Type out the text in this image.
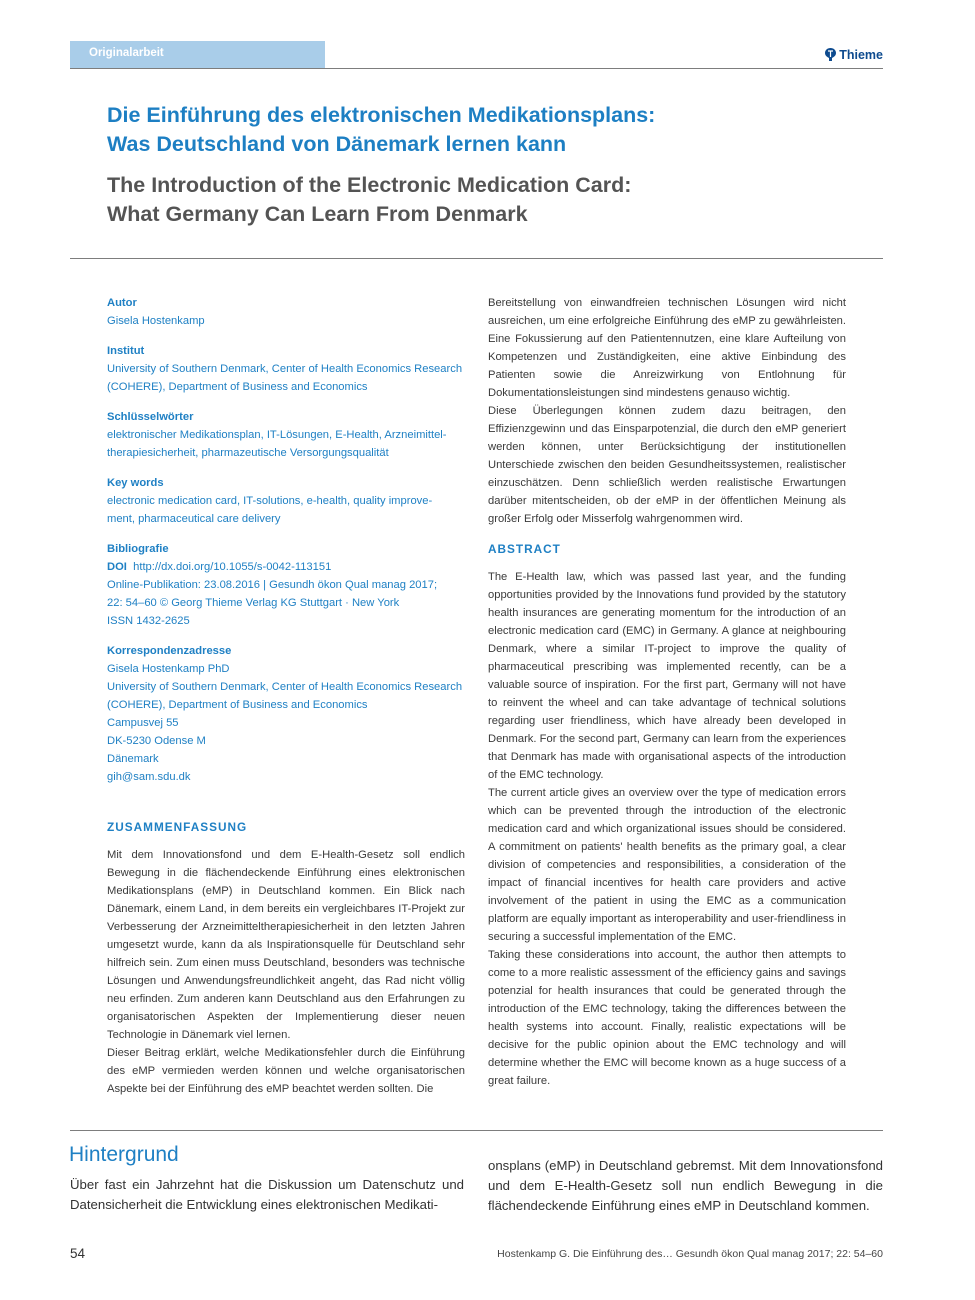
Originalarbeit	Thieme
Die Einführung des elektronischen Medikationsplans:
Was Deutschland von Dänemark lernen kann
The Introduction of the Electronic Medication Card:
What Germany Can Learn From Denmark
Autor
Gisela Hostenkamp
Institut
University of Southern Denmark, Center of Health Economics Research
(COHERE), Department of Business and Economics
Schlüsselwörter
elektronischer Medikationsplan, IT-Lösungen, E-Health, Arzneimittel-
therapiesicherheit, pharmazeutische Versorgungsqualität
Key words
electronic medication card, IT-solutions, e-health, quality improve-
ment, pharmaceutical care delivery
Bibliografie
DOI http://dx.doi.org/10.1055/s-0042-113151
Online-Publikation: 23.08.2016 | Gesundh ökon Qual manag 2017;
22: 54–60 © Georg Thieme Verlag KG Stuttgart · New York
ISSN 1432-2625
Korrespondenzadresse
Gisela Hostenkamp PhD
University of Southern Denmark, Center of Health Economics Research
(COHERE), Department of Business and Economics
Campusvej 55
DK-5230 Odense M
Dänemark
gih@sam.sdu.dk
ZUSAMMENFASSUNG

Mit dem Innovationsfond und dem E-Health-Gesetz soll endlich Bewegung in die flächendeckende Einführung eines elektronischen Medikationsplans (eMP) in Deutschland kommen. Ein Blick nach Dänemark, einem Land, in dem bereits ein vergleichbares IT-Projekt zur Verbesserung der Arzneimitteltherapiesicherheit in den letzten Jahren umgesetzt wurde, kann da als Inspirationsquelle für Deutschland sehr hilfreich sein. Zum einen muss Deutschland, besonders was technische Lösungen und Anwendungsfreundlichkeit angeht, das Rad nicht völlig neu erfinden. Zum anderen kann Deutschland aus den Erfahrungen zu organisatorischen Aspekten der Implementierung dieser neuen Technologie in Dänemark viel lernen.

Dieser Beitrag erklärt, welche Medikationsfehler durch die Einführung des eMP vermieden werden können und welche organisatorischen Aspekte bei der Einführung des eMP beachtet werden sollten. Die

Bereitstellung von einwandfreien technischen Lösungen wird nicht ausreichen, um eine erfolgreiche Einführung des eMP zu gewährleisten. Eine Fokussierung auf den Patientennutzen, eine klare Aufteilung von Kompetenzen und Zuständigkeiten, eine aktive Einbindung des Patienten sowie die Anreizwirkung von Entlohnung für Dokumentationsleistungen sind mindestens genauso wichtig.

Diese Überlegungen können zudem dazu beitragen, den Effizienzgewinn und das Einsparpotenzial, die durch den eMP generiert werden können, unter Berücksichtigung der institutionellen Unterschiede zwischen den beiden Gesundheitssystemen, realistischer einzuschätzen. Denn schließlich werden realistische Erwartungen darüber mitentscheiden, ob der eMP in der öffentlichen Meinung als großer Erfolg oder Misserfolg wahrgenommen wird.

ABSTRACT

The E-Health law, which was passed last year, and the funding opportunities provided by the Innovations fund provided by the statutory health insurances are generating momentum for the introduction of an electronic medication card (EMC) in Germany. A glance at neighbouring Denmark, where a similar IT-project to improve the quality of pharmaceutical prescribing was implemented recently, can be a valuable source of inspiration. For the first part, Germany will not have to reinvent the wheel and can take advantage of technical solutions regarding user friendliness, which have already been developed in Denmark. For the second part, Germany can learn from the experiences that Denmark has made with organisational aspects of the introduction of the EMC technology.

The current article gives an overview over the type of medication errors which can be prevented through the introduction of the electronic medication card and which organizational issues should be considered. A commitment on patients' health benefits as the primary goal, a clear division of competencies and responsibilities, a consideration of the impact of financial incentives for health care providers and active involvement of the patient in using the EMC as a communication platform are equally important as interoperability and user-friendliness in securing a successful implementation of the EMC.

Taking these considerations into account, the author then attempts to come to a more realistic assessment of the efficiency gains and savings potenzial for health insurances that could be generated through the introduction of the EMC technology, taking the differences between the health systems into account. Finally, realistic expectations will be decisive for the public opinion about the EMC technology and will determine whether the EMC will become known as a huge success of a great failure.

Hintergrund
Über fast ein Jahrzehnt hat die Diskussion um Datenschutz und Datensicherheit die Entwicklung eines elektronischen Medikati-
onsplans (eMP) in Deutschland gebremst. Mit dem Innovationsfond und dem E-Health-Gesetz soll nun endlich Bewegung in die flächendeckende Einführung eines eMP in Deutschland kommen.
54	Hostenkamp G. Die Einführung des… Gesundh ökon Qual manag 2017; 22: 54–60
